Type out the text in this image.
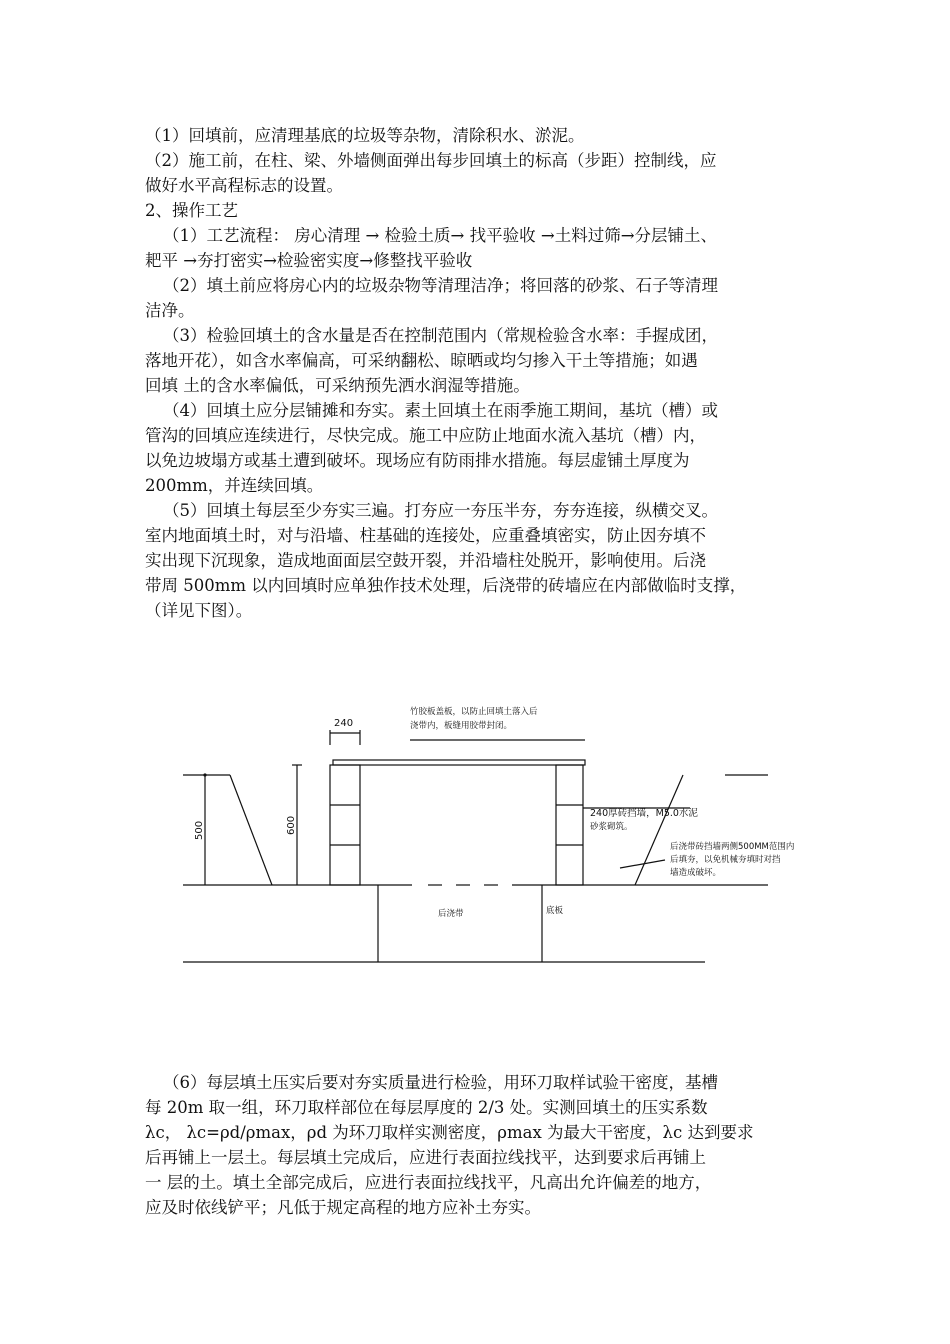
（1）回填前，应清理基底的垃圾等杂物，清除积水、淤泥。
（2）施工前，在柱、梁、外墙侧面弹出每步回填土的标高（步距）控制线，应
做好水平高程标志的设置。
2、操作工艺
（1）工艺流程： 房心清理 → 检验土质→ 找平验收 →土料过筛→分层铺土、
耙平 →夯打密实→检验密实度→修整找平验收
（2）填土前应将房心内的垃圾杂物等清理洁净；将回落的砂浆、石子等清理
洁净。
（3）检验回填土的含水量是否在控制范围内（常规检验含水率：手握成团，
落地开花），如含水率偏高，可采纳翻松、晾晒或均匀掺入干土等措施；如遇
回填 土的含水率偏低，可采纳预先洒水润湿等措施。
（4）回填土应分层铺摊和夯实。素土回填土在雨季施工期间，基坑（槽）或
管沟的回填应连续进行，尽快完成。施工中应防止地面水流入基坑（槽）内，
以免边坡塌方或基土遭到破坏。现场应有防雨排水措施。每层虚铺土厚度为
200mm，并连续回填。
（5）回填土每层至少夯实三遍。打夯应一夯压半夯，夯夯连接，纵横交叉。
室内地面填土时，对与沿墙、柱基础的连接处，应重叠填密实，防止因夯填不
实出现下沉现象，造成地面面层空鼓开裂，并沿墙柱处脱开，影响使用。后浇
带周 500mm 以内回填时应单独作技术处理，后浇带的砖墙应在内部做临时支撑，
（详见下图）。
240
500	600
竹胶板盖板，以防止回填土落入后
浇带内，板缝用胶带封闭。
240厚砖挡墙，M5.0水泥
砂浆砌筑。
后浇带砖挡墙两侧500MM范围内
后填夯，以免机械夯填时对挡
墙造成破坏。
后浇带	底板
（6）每层填土压实后要对夯实质量进行检验，用环刀取样试验干密度，基槽
每 20m 取一组，环刀取样部位在每层厚度的 2/3 处。实测回填土的压实系数
λc， λc=ρd/ρmax，ρd 为环刀取样实测密度，ρmax 为最大干密度，λc 达到要求
后再铺上一层土。每层填土完成后，应进行表面拉线找平，达到要求后再铺上
一 层的土。填土全部完成后，应进行表面拉线找平，凡高出允许偏差的地方，
应及时依线铲平；凡低于规定高程的地方应补土夯实。
